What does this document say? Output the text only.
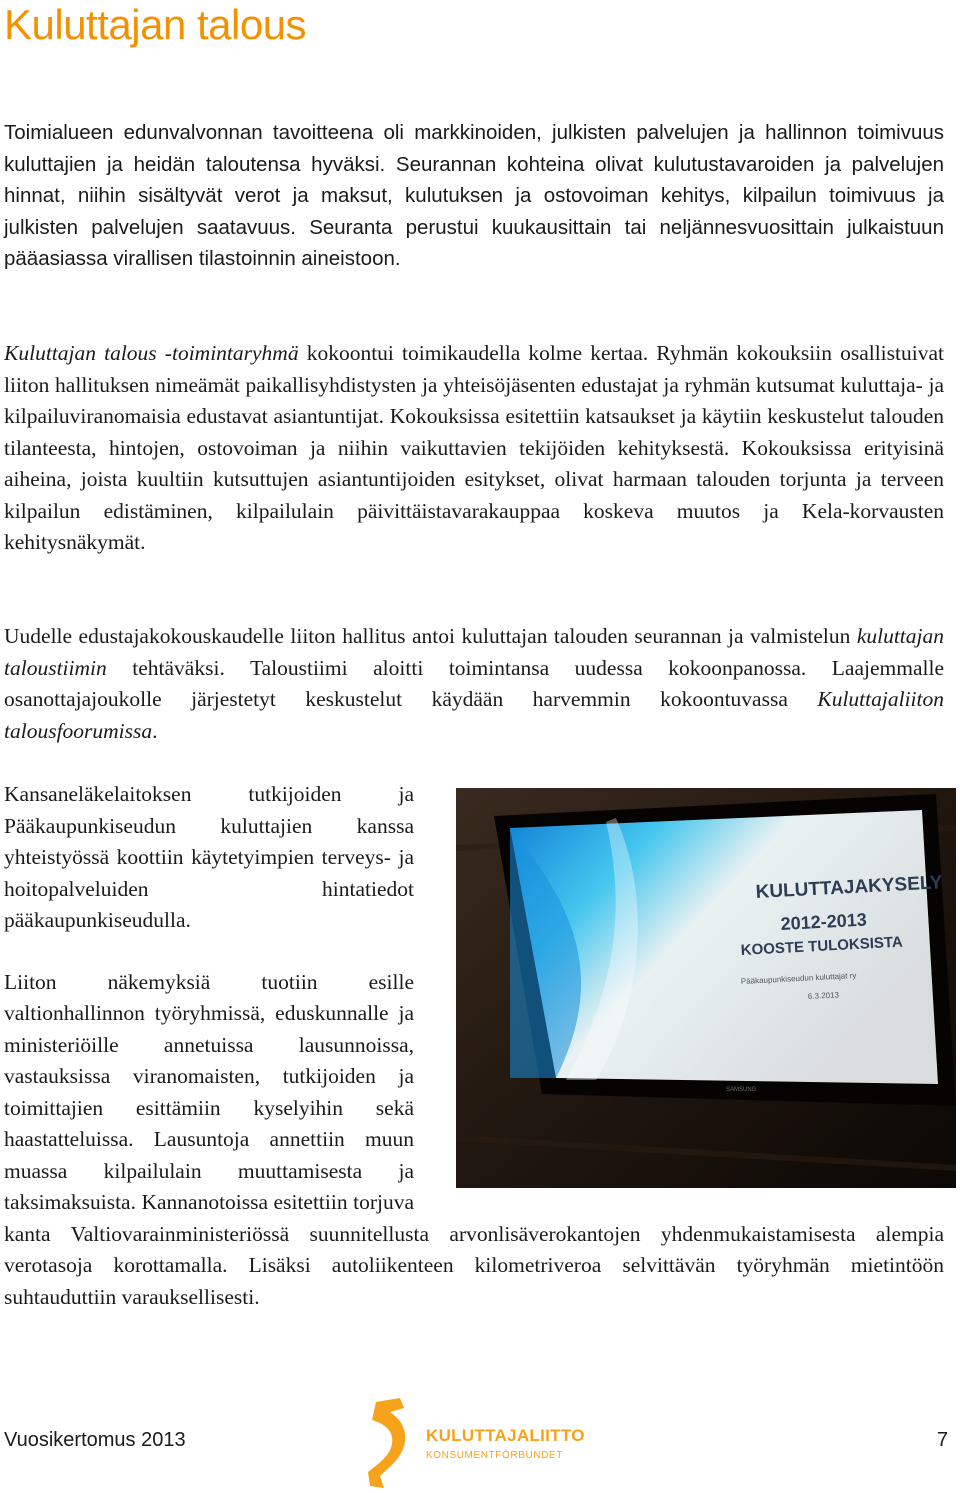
Kuluttajan talous

Toimialueen edunvalvonnan tavoitteena oli markkinoiden, julkisten palvelujen ja hallinnon toimivuus kuluttajien ja heidän taloutensa hyväksi. Seurannan kohteina olivat kulutustavaroiden ja palvelujen hinnat, niihin sisältyvät verot ja maksut, kulutuksen ja ostovoiman kehitys, kilpailun toimivuus ja julkisten palvelujen saatavuus. Seuranta perustui kuukausittain tai neljännesvuosittain julkaistuun pääasiassa virallisen tilastoinnin aineistoon.

Kuluttajan talous -toimintaryhmä kokoontui toimikaudella kolme kertaa. Ryhmän kokouksiin osallistuivat liiton hallituksen nimeämät paikallisyhdistysten ja yhteisöjäsenten edustajat ja ryhmän kutsumat kuluttaja- ja kilpailuviranomaisia edustavat asiantuntijat. Kokouksissa esitettiin katsaukset ja käytiin keskustelut talouden tilanteesta, hintojen, ostovoiman ja niihin vaikuttavien tekijöiden kehityksestä. Kokouksissa erityisinä aiheina, joista kuultiin kutsuttujen asiantuntijoiden esitykset, olivat harmaan talouden torjunta ja terveen kilpailun edistäminen, kilpailulain päivittäistavarakauppaa koskeva muutos ja Kela-korvausten kehitysnäkymät.

Uudelle edustajakokouskaudelle liiton hallitus antoi kuluttajan talouden seurannan ja valmistelun kuluttajan taloustiimin tehtäväksi. Taloustiimi aloitti toimintansa uudessa kokoonpanossa. Laajemmalle osanottajajoukolle järjestetyt keskustelut käydään harvemmin kokoontuvassa Kuluttajaliiton talousfoorumissa.

Kansaneläkelaitoksen tutkijoiden ja Pääkaupunkiseudun kuluttajien kanssa yhteistyössä koottiin käytetyimpien terveys- ja hoitopalveluiden hintatiedot pääkaupunkiseudulla.

Liiton näkemyksiä tuotiin esille valtionhallinnon työryhmissä, eduskunnalle ja ministeriöille annetuissa lausunnoissa, vastauksissa viranomaisten, tutkijoiden ja toimittajien esittämiin kyselyihin sekä haastatteluissa. Lausuntoja annettiin muun muassa kilpailulain muuttamisesta ja taksimaksuista. Kannanotoissa esitettiin torjuva kanta Valtiovarainministeriössä suunnitellusta arvonlisäverokantojen yhdenmukaistamisesta alempia verotasoja korottamalla. Lisäksi autoliikenteen kilometriveroa selvittävän työryhmän mietintöön suhtauduttiin varauksellisesti.

KULUTTAJAKYSELY
2012-2013
KOOSTE TULOKSISTA
Pääkaupunkiseudun kuluttajat ry
6.3.2013
SAMSUNG

Vuosikertomus 2013	KULUTTAJALIITTO

KONSUMENTFÖRBUNDET

7
